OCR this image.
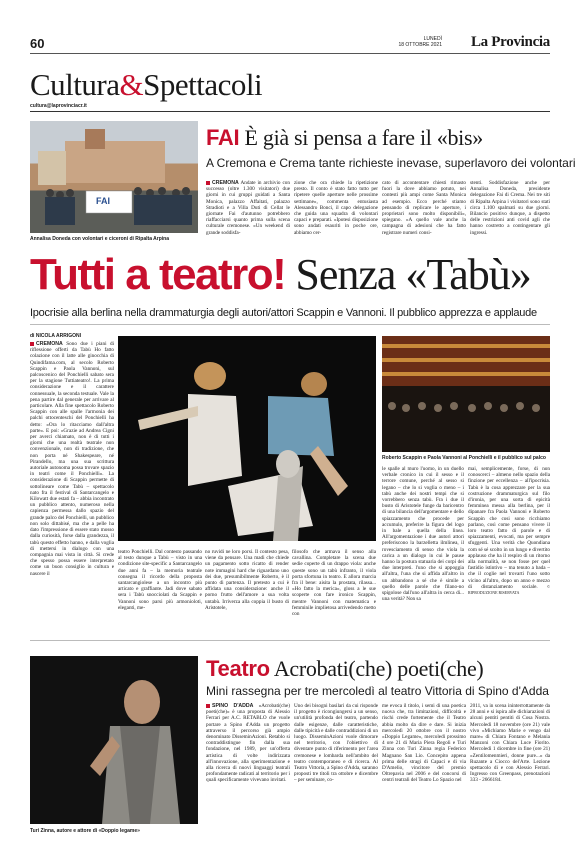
60	LUNEDÌ
18 OTTOBRE 2021 La Provincia
Cultura&Spettacoli
cultura@laprovinciacr.it
FAI
Annalisa Doneda con volontari e ciceroni di Ripalta Arpina
FAI È già si pensa a fare il «bis»
A Cremona e Crema tante richieste inevase, superlavoro dei volontari
CREMONA Andate in archivio con successo (oltre 1.300 visitatori) due giorni in cui gruppi guidati a Santa Monica, palazzo Affaitati, palazzo Stradioti e a Villa Duti di Cellat le giornate Fai d'autunno potrebbero riaffacciarsi quanto prima sulla scena culturale cremonese. «Un weekend di grande soddisfa-
zione che ora chiede la ripetizione presto. Il conto è stato fatto tutto per ripetere quelle aperture nelle prossime settimane», commenta entusiasta Alessandro Bonci, il capo delegazione che guida una squadra di volontari capaci e preparati. «Ipotesi disposizione sono andati esauriti in poche ore, abbiamo cer-
cato di accontentare chiesti rimasto fuori la dove abbiamo potuto, nei contesti più ampi come Santa Monica ad esempio. Ecco perché stiamo pensando di replicare le aperture, i proprietari sono molto disponibili», spiegano. «A quello vale anche la campagna di adesioni che ha fatto registrare numeri consi-
stenti. Soddisfazione anche per Annalisa Doneda, presidente delegazione Fai di Crema. Nei tre siti di Ripalta Arpina i visitatori sono stati circa 1.100 spalmati su due giorni. Bilancio positivo dunque, a dispetto delle restrizioni anti covid agli che hanno costretto a contingentare gli ingressi.
Tutti a teatro! Senza «Tabù»
Ipocrisie alla berlina nella drammaturgia degli autori/attori Scappin e Vannoni. Il pubblico apprezza e applaude
di NICOLA ARRIGONI
CREMONA Sono due i piani di riflessione offerti da Tabù Ho fatto colazione con il latte alle ginocchia di Quindifama.com, al secolo Roberto Scappin e Paola Vannoni, sul palcoscenico del Ponchielli sabato sera per la stagione Tuttiateatro!. La prima considerazione e il carattere connessuale, la seconda testuale. Vale la pena partire dal generale per arrivare al particolare. Alla fine spettacolo Roberto Scappin con alle spalle l'armonia dei palchi ottocenteschi del Ponchielli ha detto: «Ora lo ritacciamo dall'altra parte». E poi: «Grazie ad Andrea Cigni per averci chiamato, non è di tutti i giorni che una realtà teatrale non convenzionale, non di tradizione, che non porta né Shakespeare, né Pirandello, ma una sua scrittura autoriale autonoma possa trovare spazio in teatri come il Ponchielli». La considerazione di Scappin permette di sottolineare come Tabù – spettacolo nato fra il festival di Santarcangelo e Kilowatt due estati fa – abbia incontrato un pubblico attento, numeroso nella capienza permessa dallo spazio del grande palco del Ponchielli, un pubblico non solo dittabisé, ma che a pelle ha dato l'impressione di essere stato mosso dalla curiosità, forse dalla grandezza, il tabù questo effetto hanno, e dalla voglia di mettersi in dialogo con una compagnia mai vista in città. Si crede che spesso possa essere interpretato come un buon consiglio in cultura e nascere il
teatro Ponchielli. Dal contesto passando al testo dunque a Tabù – visto in una condizione site-specific a Santarcangelo due anni fa – la memoria teatrale consegna il ricordo della proposta santarcangiolese a un incontro più articato e graffiante. Jadi dove sabato sera i Tabù snocciolati da Scappin e Vannoni sono parsi più armonioloti, eleganti, me-
no ruvidi ne loro porsi. Il contesto pesa, viene da pensare. Una madi che chiede un pagamento sotto ricatto di render note immagini hard che riguardano uno dei due, presumibilmente Roberto, è il punto di partenza. Il pretesto a cui è affidata una considerazione: anche il porno frutto dell'amore a sua volta untabù. Irriverza alla coppia il busto di Aristotele,
filosofo che armava il senso alla cavallina. Completare la scena due sedie coperte di un drappo viola: anche queste sono un tabù infranto, il viola porta sfortuna in teatro. E allora marcia fra il bene: aisita la prostata, rilassa... «Ho fatto la merica», gloss a le sue scoperte con fare ironico Scappin, mentre Vannoni con matematica e femminile implietosa arrivedendo metto con
Roberto Scappin e Paola Vannoni al Ponchielli e il pubblico sul palco
le spalle al muro l'uomo, in un duello verbale cronico in cui il sesso e il terrore comune, perché al sesso si legano – che lo si voglia o meno – i tabù anche dei nostri tempi che si vorrebbero senza tabù. Fra i due il busto di Aristotele funge da baricentro di una bilancia dell'argomentare e dello spiazzamento che procede per accumulo, preferire la figura del logo in bale a quella della linea. All'argomentazione i due autori attori preferiscono la barzelletta ilmlinea, il rovesciamento di senso che viola la carica a un dialogo in cui le pause hanno la postura statuaria dei corpi dei due interpreti. l'uno che si appoggia all'altra, l'una che si affida all'altro in un abbandono a sé che è simile a quello delle parole che filano-no spigolose dall'uno all'altra in cerca di... una verità? Non sa
mai, semplicemente, forse, di non conoscerci – almeno nello spazio della finzione per eccellenza – all'ipocrisia. Tabù è la cosa apprezzare per la sua costruzione drammaturgica sul filo d'ironia, per una sorta di epicità femminea messa alla berlina, per il dipanare fra Paola Vannoni e Roberto Scappin che cosi sono ricchiamo parlano, così come pensano vivere il loro teatro fatto di parole e di spiazzamenti, evocati, ma per sempre sfuggenti. Una verità che Quondiana com sé sé scolto in un lungo e divertito applauso che ha il respiro di un ritorno alla normalità, se non fosse per quel fastidio istintivo – ma tenuto a bada – che il coglie nel trovarti l'uno sotto vicino all'altro, dopo un anno e mezzo di distanziamento sociale. © RIPRODUZIONE RISERVATA
Turi Zinna, autore e attore di «Doppio legame»
Teatro Acrobati(che) poeti(che)
Mini rassegna per tre mercoledì al teatro Vittoria di Spino d'Adda
SPINO D'ADDA «Acrobati(che) poeti(che)» è una proposta di Alessio Ferrari per A.C. RETABLO che vuole portare a Spino d'Adda un progetto attraverso il percorso già ampio denominato DisseminAzioni. Retablo si contraddistingue fin dalla sua fondazione, nel 1989, per un'offerta artistica di volte indirizzata all'innovazione, alla sperimentazione e alla ricerca di nuovi linguaggi teatrali profondamente radicati al territorio per i quali specificamente vivevano invitati.
Uno dei bisogni basilari da cui risponde il progetto è ricongiungersi a un senso, un'utilità profonda del teatro, partendo dalle esigenze, dalle caratteristiche, dalle tipicità e dalle contraddizioni di un luogo. DisseminAzioni vuole dimorare nel territorio, con l'obiettivo di diventare punto di riferimento per l'area cremonese e lombarda nell'ambito del teatro contemporaneo e di ricerca. Al Teatro Vittoria, a Spino d'Adda, saranno proposti tre titoli tra ottobre e dicembre – per seminare, co-
me evoca il titolo, i semi di una poetica nuova che, tra limitazioni, difficoltà e rischi crede fortemente che il Teatro abbia molto da dire e dare. Si inizia mercoledì 20 ottobre con il nostro «Doppio Legame», mercoledì prossimo 4 ore 21 di Maria Piera Regoli e Turi Zinna con Turi Zinna regia Federico Magnano San Lio. Concepito appena prima delle stragi di Capaci e di via D'Amelio, vincitore del premio Oltrepavia nel 2006 e del concorsi di centri teatrali del Teatro Lo Spazio nel
2011, va in scena ininterrottamente da 28 anni e si ispira alle dichiarazioni di alcuni pentiti pentiti di Cosa Nostra. Mercoledì 18 novembre (ore 21) vale vivo «Michiamo Marie e vengo dal mare» di Chiara Fontano e Melania Manzoni con Chiara Luce Fiorito. Mercoledì 1 dicembre in fine (ore 21) «Zentilomenmieri, donne pure...» da Ruzante a Ciocco del'Arte. Lezione spettacolo di e con Alessio Ferrari. Ingresso con Greenpass, prenotazioni 333 - 2666184.
